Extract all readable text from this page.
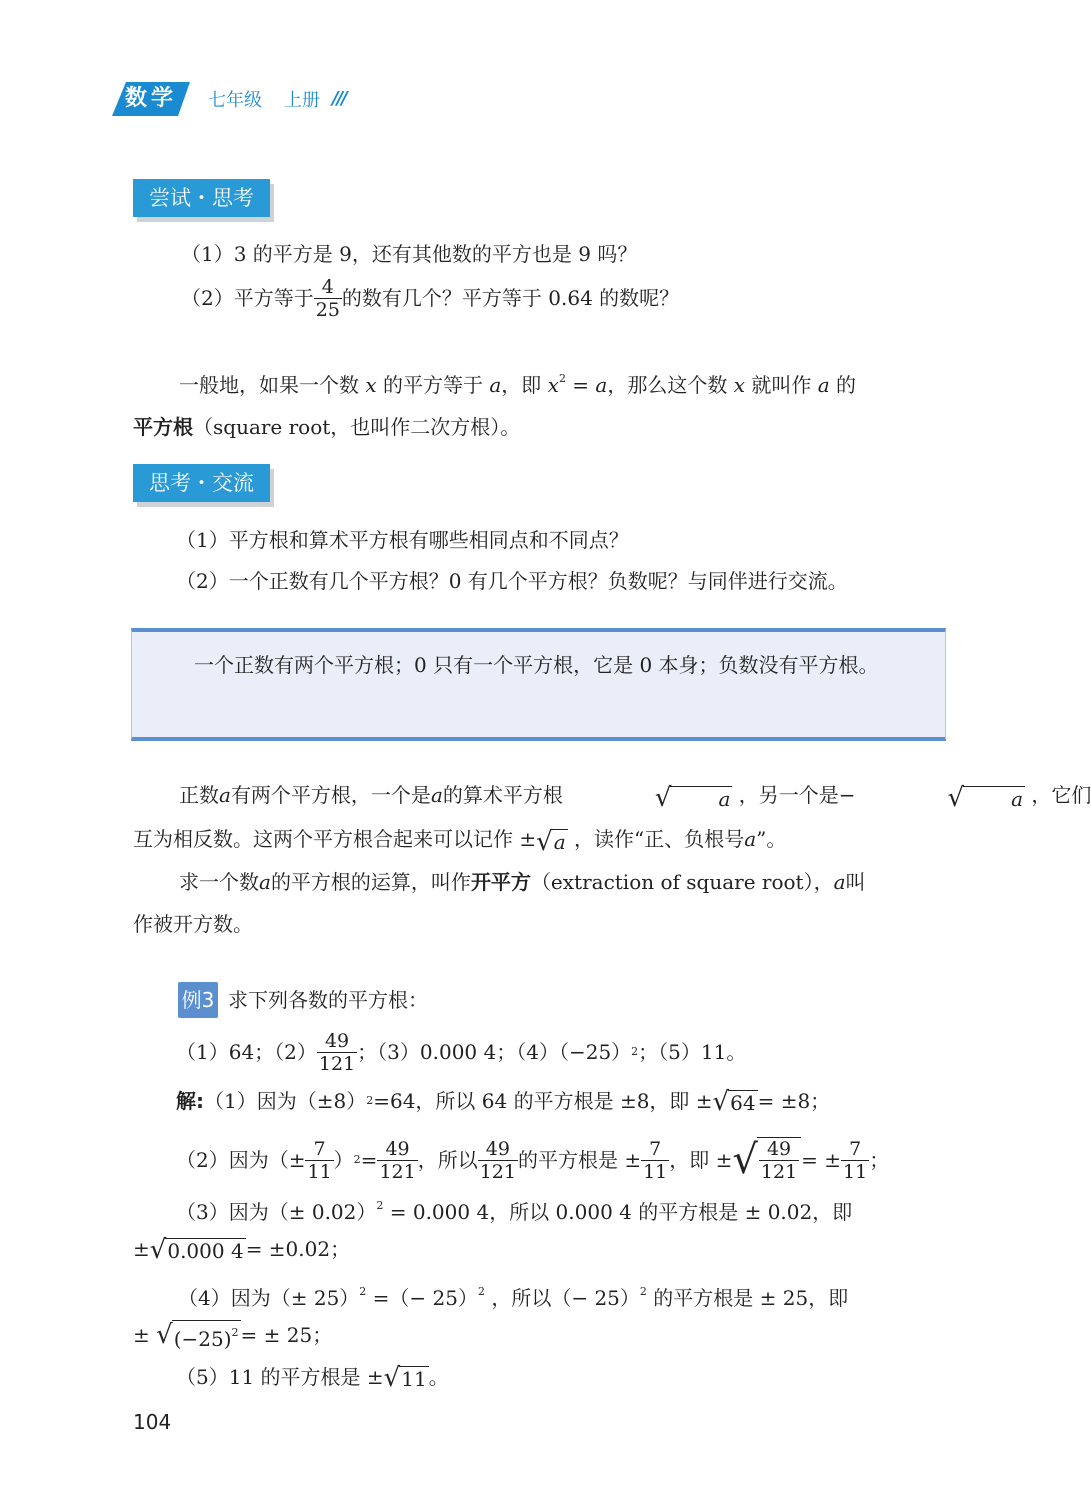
数学	七年级 上册 ///
尝试・思考
（1）3 的平方是 9，还有其他数的平方也是 9 吗？
（2）平方等于 $\frac{4}{25}$ 的数有几个？平方等于 0.64 的数呢？
一般地，如果一个数 x 的平方等于 a，即 $x^2 = a$，那么这个数 x 就叫作 a 的
平方根（square root，也叫作二次方根）。
思考・交流
（1）平方根和算术平方根有哪些相同点和不同点？
（2）一个正数有几个平方根？0 有几个平方根？负数呢？与同伴进行交流。
一个正数有两个平方根；0 只有一个平方根，它是 0 本身；负数没有平方根。
正数a有两个平方根，一个是a的算术平方根	√ a ，另一个是−	√ a ，它们
互为相反数。这两个平方根合起来可以记作 ±√a ，读作“正、负根号a”。
求一个数a的平方根的运算，叫作开平方（extraction of square root），a叫
作被开方数。
例3 求下列各数的平方根：
（1）64；$(2) \frac{49}{121}$ ；（3）0.000 4；（4）（−25） 2 ；（5）11。
解: （1）因为（±8） 2 =64，所以 64 的平方根是 ±8，即 ± √64 = ±8；
（2）因为（± $\frac{7}{11}$ ） $2 = \frac{49}{121}$ ，所以 $\frac{49}{121}$ 的平方根是 ± $\frac{7}{11}$ ，即 ± √ $\frac{49}{121}$ = ± $\frac{7}{11}$ ；
（3）因为（± 0.02）$^2$ = 0.000 4，所以 0.000 4 的平方根是 ± 0.02，即
± √0.000 4 = ±0.02；
（4）因为（± 25）$^2$ =（− 25）$^2$ ，所以（− 25）$^2$ 的平方根是 ± 25，即
±
$√(-25)^2$ = ± 25；
（5）11 的平方根是 ± √11 。
104
